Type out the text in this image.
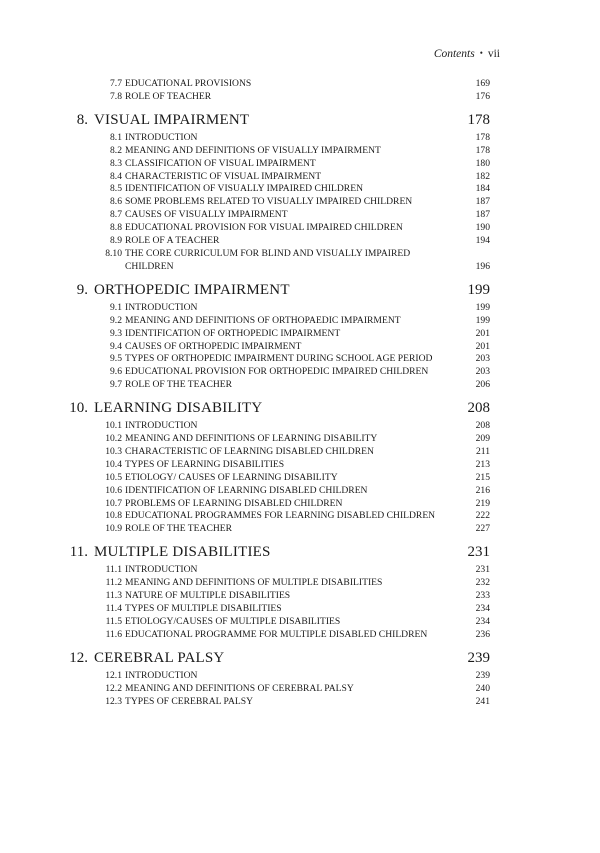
Contents • vii
7.7 EDUCATIONAL PROVISIONS	169
7.8 ROLE OF TEACHER	176
8. VISUAL IMPAIRMENT	178
8.1 INTRODUCTION	178
8.2 MEANING AND DEFINITIONS OF VISUALLY IMPAIRMENT	178
8.3 CLASSIFICATION OF VISUAL IMPAIRMENT	180
8.4 CHARACTERISTIC OF VISUAL IMPAIRMENT	182
8.5 IDENTIFICATION OF VISUALLY IMPAIRED CHILDREN	184
8.6 SOME PROBLEMS RELATED TO VISUALLY IMPAIRED CHILDREN	187
8.7 CAUSES OF VISUALLY IMPAIRMENT	187
8.8 EDUCATIONAL PROVISION FOR VISUAL IMPAIRED CHILDREN	190
8.9 ROLE OF A TEACHER	194
8.10 THE CORE CURRICULUM FOR BLIND AND VISUALLY IMPAIRED CHILDREN	196
9. ORTHOPEDIC IMPAIRMENT	199
9.1 INTRODUCTION	199
9.2 MEANING AND DEFINITIONS OF ORTHOPAEDIC IMPAIRMENT	199
9.3 IDENTIFICATION OF ORTHOPEDIC IMPAIRMENT	201
9.4 CAUSES OF ORTHOPEDIC IMPAIRMENT	201
9.5 TYPES OF ORTHOPEDIC IMPAIRMENT DURING SCHOOL AGE PERIOD	203
9.6 EDUCATIONAL PROVISION FOR ORTHOPEDIC IMPAIRED CHILDREN	203
9.7 ROLE OF THE TEACHER	206
10. LEARNING DISABILITY	208
10.1 INTRODUCTION	208
10.2 MEANING AND DEFINITIONS OF LEARNING DISABILITY	209
10.3 CHARACTERISTIC OF LEARNING DISABLED CHILDREN	211
10.4 TYPES OF LEARNING DISABILITIES	213
10.5 ETIOLOGY/ CAUSES OF LEARNING DISABILITY	215
10.6 IDENTIFICATION OF LEARNING DISABLED CHILDREN	216
10.7 PROBLEMS OF LEARNING DISABLED CHILDREN	219
10.8 EDUCATIONAL PROGRAMMES FOR LEARNING DISABLED CHILDREN	222
10.9 ROLE OF THE TEACHER	227
11. MULTIPLE DISABILITIES	231
11.1 INTRODUCTION	231
11.2 MEANING AND DEFINITIONS OF MULTIPLE DISABILITIES	232
11.3 NATURE OF MULTIPLE DISABILITIES	233
11.4 TYPES OF MULTIPLE DISABILITIES	234
11.5 ETIOLOGY/CAUSES OF MULTIPLE DISABILITIES	234
11.6 EDUCATIONAL PROGRAMME FOR MULTIPLE DISABLED CHILDREN	236
12. CEREBRAL PALSY	239
12.1 INTRODUCTION	239
12.2 MEANING AND DEFINITIONS OF CEREBRAL PALSY	240
12.3 TYPES OF CEREBRAL PALSY	241
